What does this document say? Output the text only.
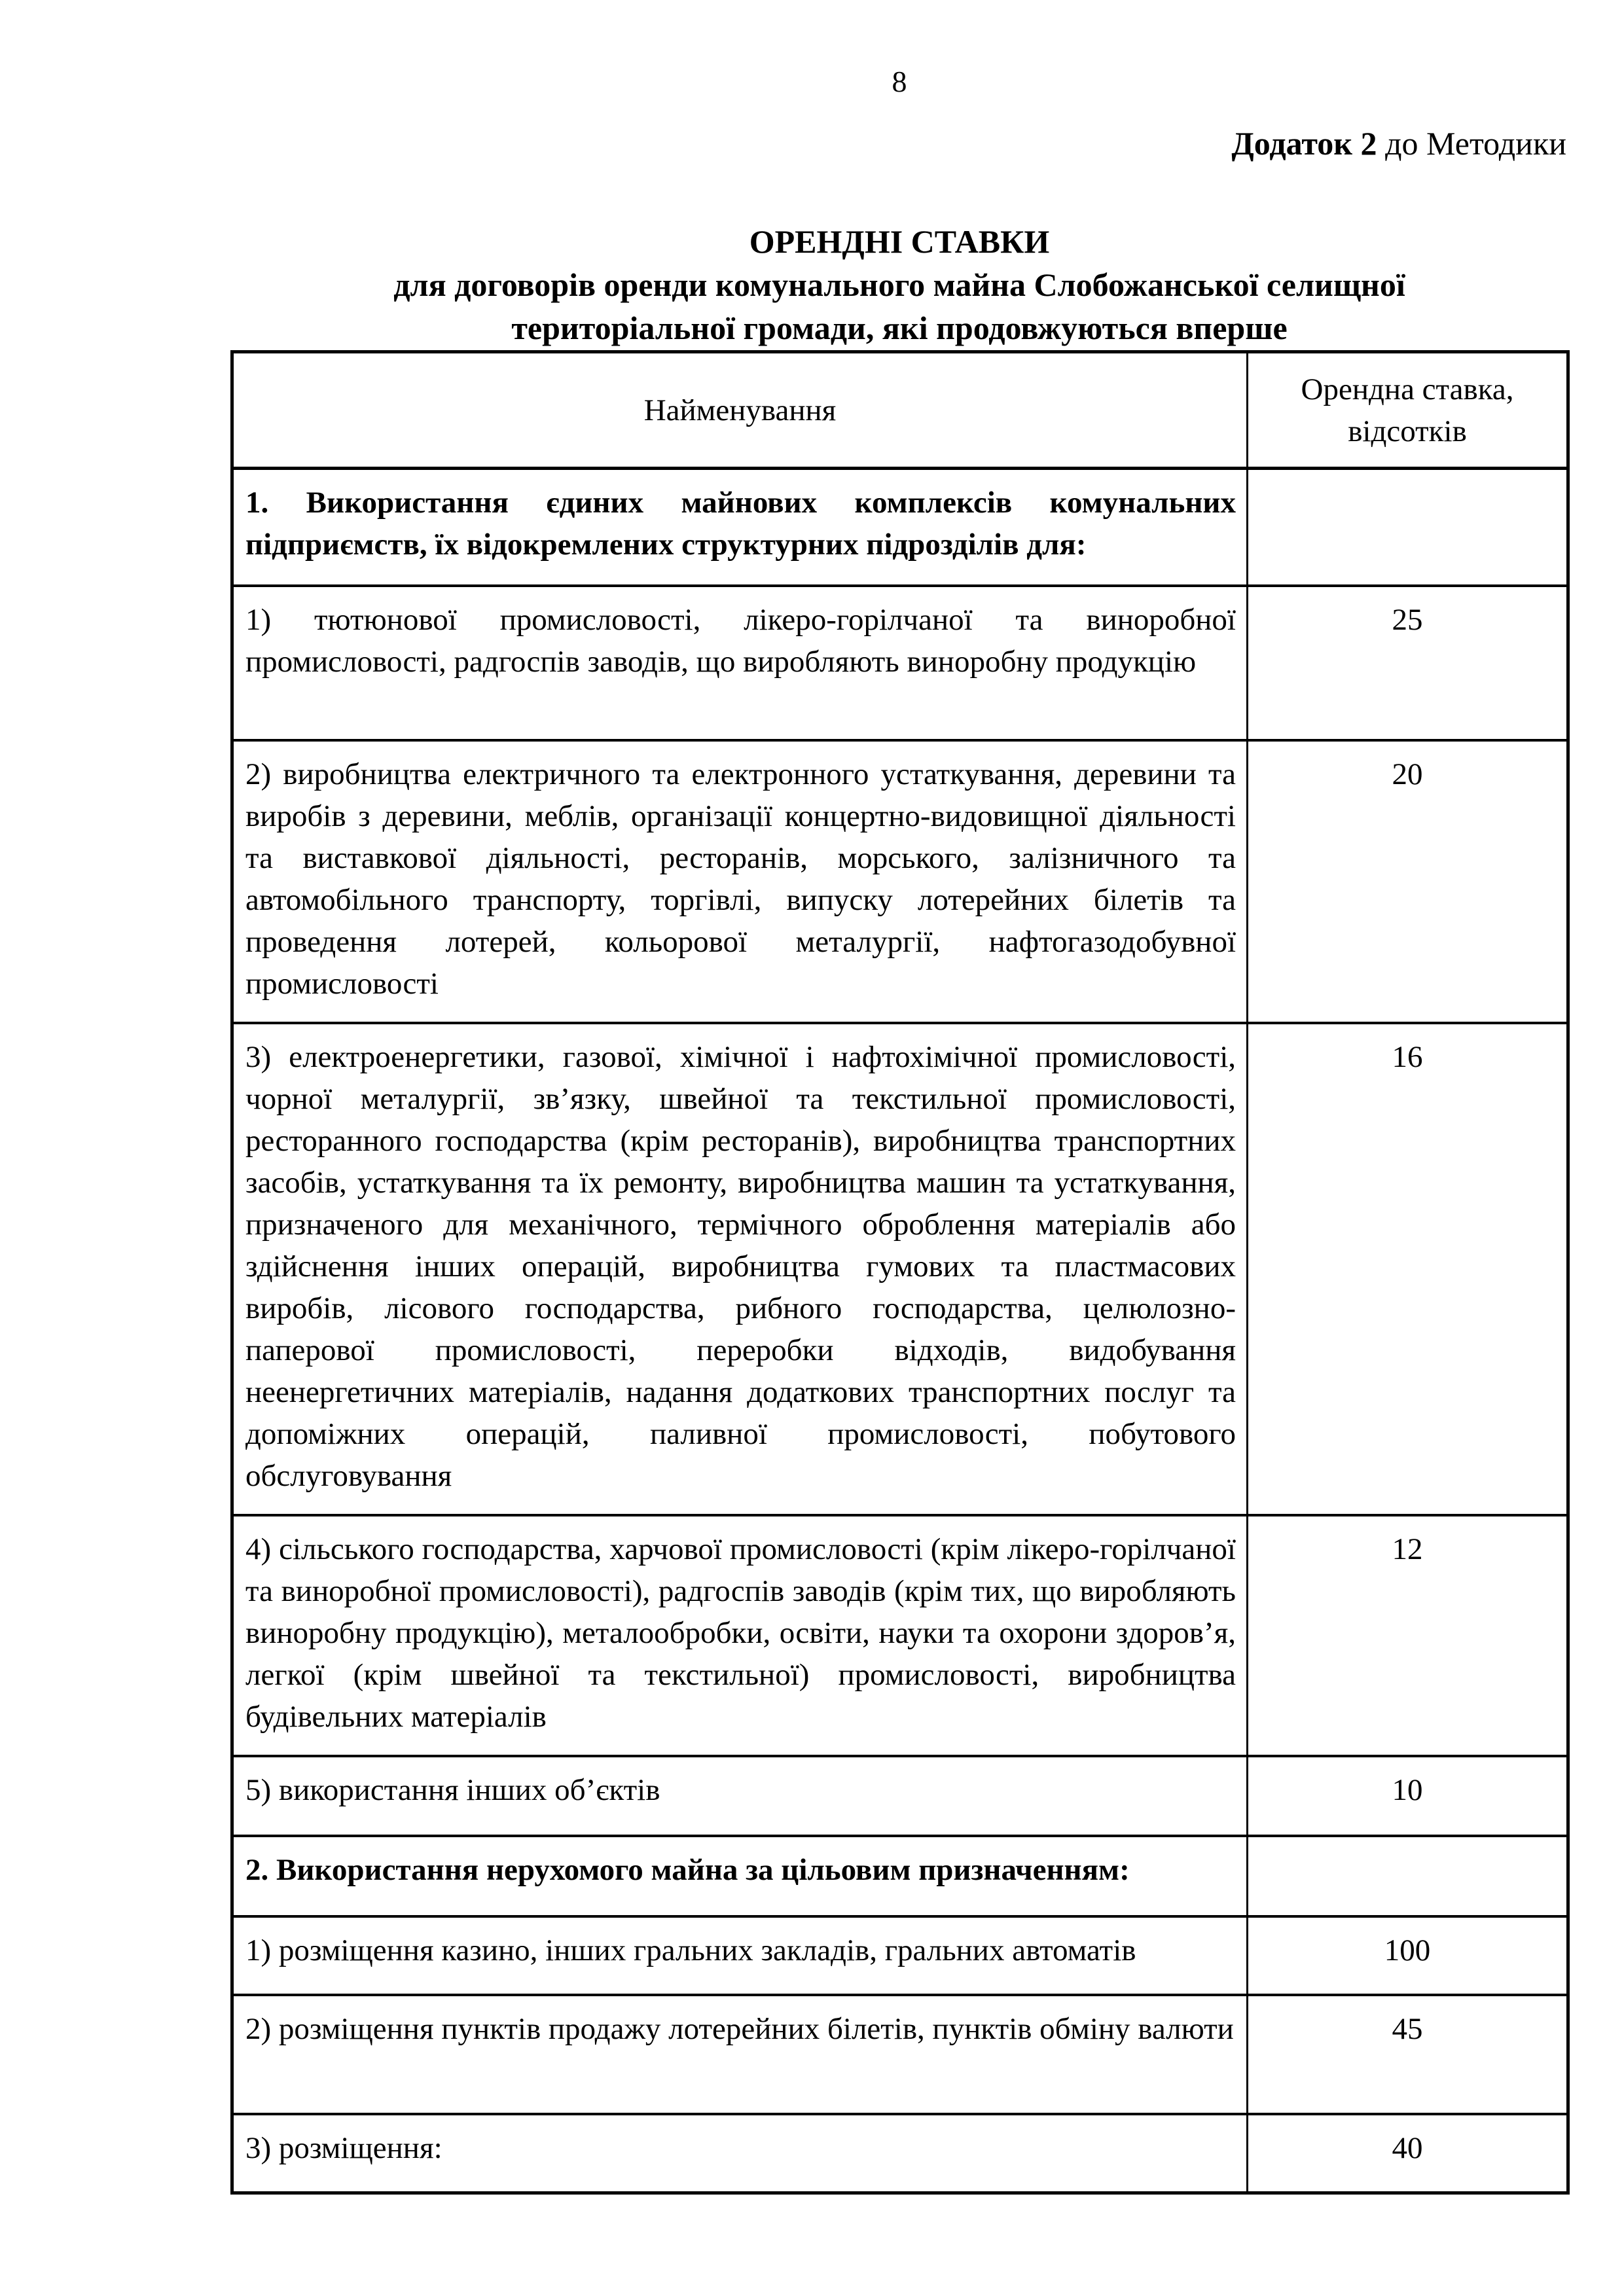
8
Додаток 2 до Методики
ОРЕНДНІ СТАВКИ
для договорів оренди комунального майна Слобожанської селищної
територіальної громади, які продовжуються вперше
Найменування	Орендна ставка, відсотків
1. Використання єдиних майнових комплексів комунальних підприємств, їх відокремлених структурних підрозділів для:	
1) тютюнової промисловості, лікеро-горілчаної та виноробної промисловості, радгоспів заводів, що виробляють виноробну продукцію	25
2) виробництва електричного та електронного устаткування, деревини та виробів з деревини, меблів, організації концертно-видовищної діяльності та виставкової діяльності, ресторанів, морського, залізничного та автомобільного транспорту, торгівлі, випуску лотерейних білетів та проведення лотерей, кольорової металургії, нафтогазодобувної промисловості	20
3) електроенергетики, газової, хімічної і нафтохімічної промисловості, чорної металургії, зв’язку, швейної та текстильної промисловості, ресторанного господарства (крім ресторанів), виробництва транспортних засобів, устаткування та їх ремонту, виробництва машин та устаткування, призначеного для механічного, термічного оброблення матеріалів або здійснення інших операцій, виробництва гумових та пластмасових виробів, лісового господарства, рибного господарства, целюлозно-паперової промисловості, переробки відходів, видобування неенергетичних матеріалів, надання додаткових транспортних послуг та допоміжних операцій, паливної промисловості, побутового обслуговування	16
4) сільського господарства, харчової промисловості (крім лікеро-горілчаної та виноробної промисловості), радгоспів заводів (крім тих, що виробляють виноробну продукцію), металообробки, освіти, науки та охорони здоров’я, легкої (крім швейної та текстильної) промисловості, виробництва будівельних матеріалів	12
5) використання інших об’єктів	10
2. Використання нерухомого майна за цільовим призначенням:	
1) розміщення казино, інших гральних закладів, гральних автоматів	100
2) розміщення пунктів продажу лотерейних білетів, пунктів обміну валюти	45
3) розміщення:	40
